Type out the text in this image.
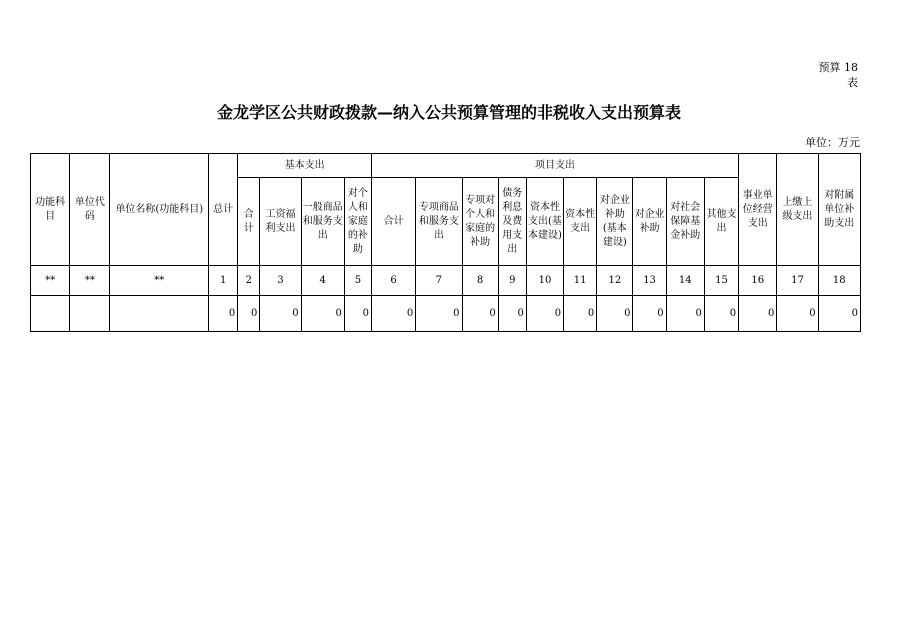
预算 18
表
金龙学区公共财政拨款—纳入公共预算管理的非税收入支出预算表
单位：万元
功能科目	单位代码	单位名称(功能科目)	总计	基本支出				项目支出										事业单位经营支出	上缴上级支出	对附属单位补助支出
				合计	工资福利支出	一般商品和服务支出	对个人和家庭的补助	合计	专项商品和服务支出	专项对个人和家庭的补助	债务利息及费用支出	资本性支出(基本建设)	资本性支出	对企业补助(基本建设)	对企业补助	对社会保障基金补助	其他支出			
**	**	**	1	2	3	4	5	6	7	8	9	10	11	12	13	14	15	16	17	18
			0	0	0	0	0	0	0	0	0	0	0	0	0	0	0	0	0	0
